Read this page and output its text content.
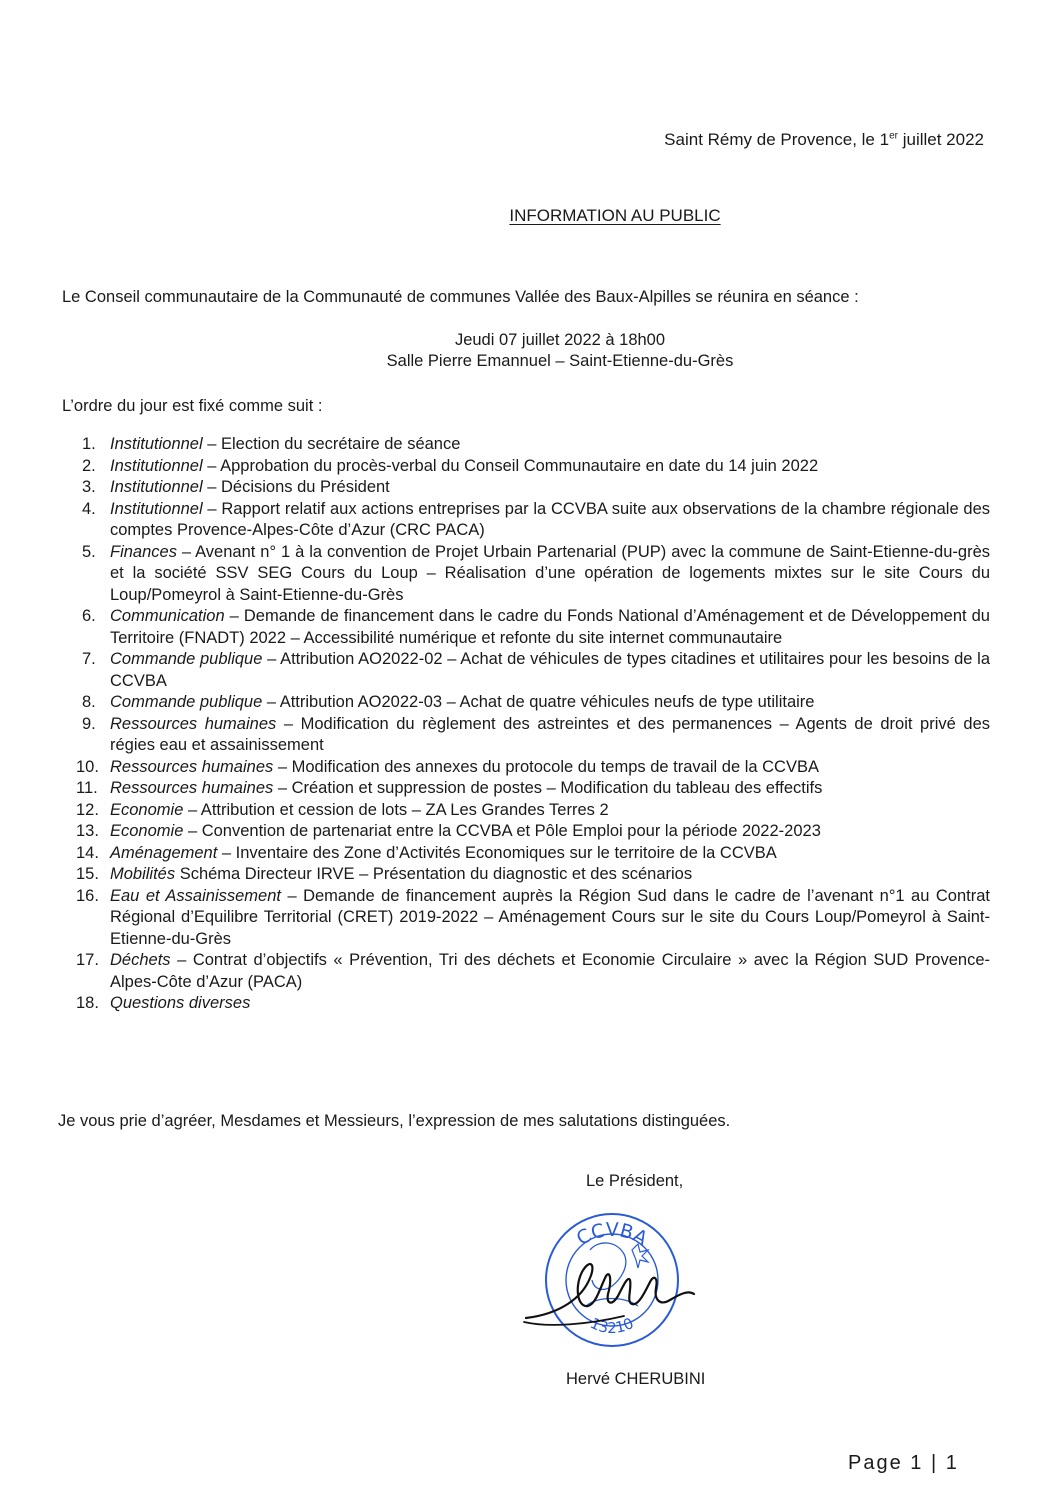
Saint Rémy de Provence, le 1er juillet 2022
INFORMATION AU PUBLIC
Le Conseil communautaire de la Communauté de communes Vallée des Baux-Alpilles se réunira en séance :
Jeudi 07 juillet 2022 à 18h00
Salle Pierre Emannuel – Saint-Etienne-du-Grès
L’ordre du jour est fixé comme suit :
1. Institutionnel – Election du secrétaire de séance
2. Institutionnel – Approbation du procès-verbal du Conseil Communautaire en date du 14 juin 2022
3. Institutionnel – Décisions du Président
4. Institutionnel – Rapport relatif aux actions entreprises par la CCVBA suite aux observations de la chambre régionale des comptes Provence-Alpes-Côte d’Azur (CRC PACA)
5. Finances – Avenant n° 1 à la convention de Projet Urbain Partenarial (PUP) avec la commune de Saint-Etienne-du-grès et la société SSV SEG Cours du Loup – Réalisation d’une opération de logements mixtes sur le site Cours du Loup/Pomeyrol à Saint-Etienne-du-Grès
6. Communication – Demande de financement dans le cadre du Fonds National d’Aménagement et de Développement du Territoire (FNADT) 2022 – Accessibilité numérique et refonte du site internet communautaire
7. Commande publique – Attribution AO2022-02 – Achat de véhicules de types citadines et utilitaires pour les besoins de la CCVBA
8. Commande publique – Attribution AO2022-03 – Achat de quatre véhicules neufs de type utilitaire
9. Ressources humaines – Modification du règlement des astreintes et des permanences – Agents de droit privé des régies eau et assainissement
10. Ressources humaines – Modification des annexes du protocole du temps de travail de la CCVBA
11. Ressources humaines – Création et suppression de postes – Modification du tableau des effectifs
12. Economie – Attribution et cession de lots – ZA Les Grandes Terres 2
13. Economie – Convention de partenariat entre la CCVBA et Pôle Emploi pour la période 2022-2023
14. Aménagement – Inventaire des Zone d’Activités Economiques sur le territoire de la CCVBA
15. Mobilités Schéma Directeur IRVE – Présentation du diagnostic et des scénarios
16. Eau et Assainissement – Demande de financement auprès la Région Sud dans le cadre de l’avenant n°1 au Contrat Régional d’Equilibre Territorial (CRET) 2019-2022 – Aménagement Cours sur le site du Cours Loup/Pomeyrol à Saint-Etienne-du-Grès
17. Déchets – Contrat d’objectifs « Prévention, Tri des déchets et Economie Circulaire » avec la Région SUD Provence-Alpes-Côte d’Azur (PACA)
18. Questions diverses
Je vous prie d’agréer, Mesdames et Messieurs, l’expression de mes salutations distinguées.
Le Président,
CCVBA
13210
Hervé CHERUBINI
Page 1 | 1
